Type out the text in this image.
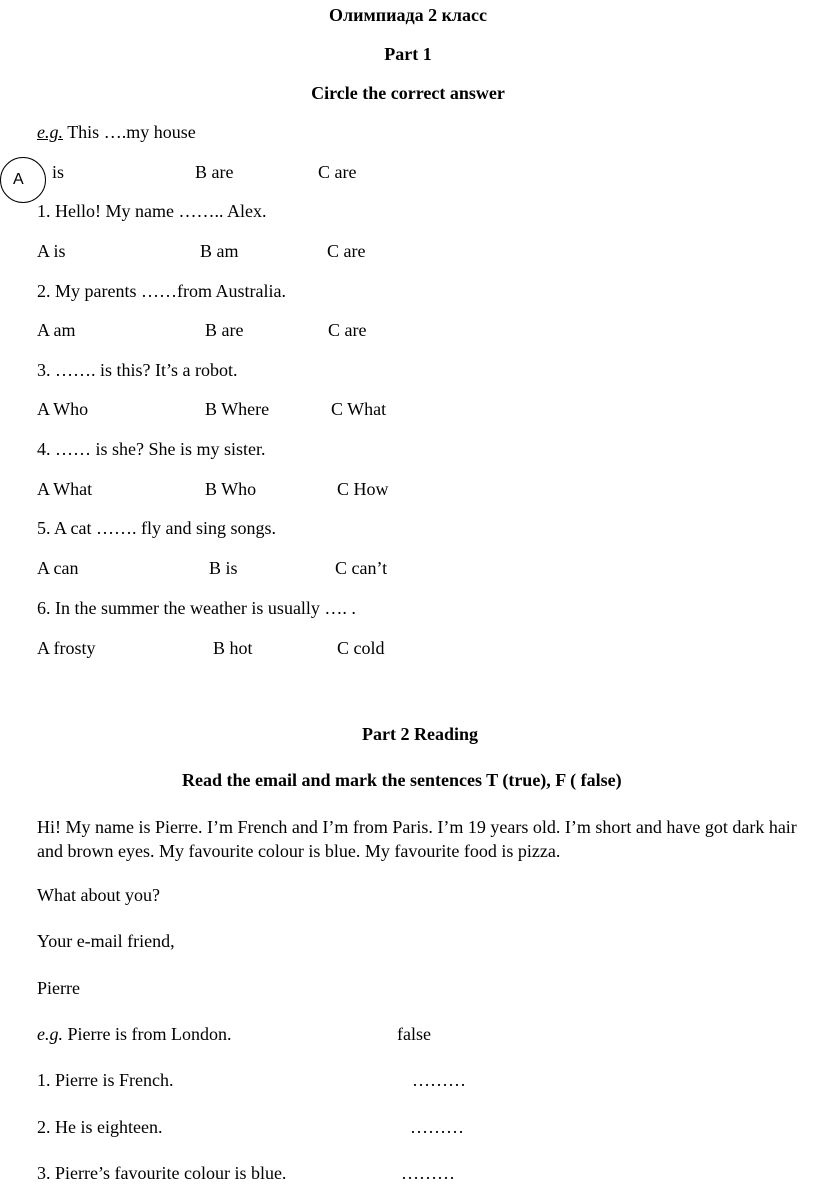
Олимпиада 2 класс
Part 1
Circle the correct answer
e.g. This ….my house
A is	B are	C are
1. Hello! My name …….. Alex.
A is	B am	C are
2. My parents ……from Australia.
A am	B are	C are
3. ……. is this? It’s a robot.
A Who	B Where	C What
4. …… is she? She is my sister.
A What	B Who	C How
5. A cat ……. fly and sing songs.
A can	B is	C can’t
6. In the summer the weather is usually …. .
A frosty	B hot	C cold
Part 2 Reading
Read the email and mark the sentences T (true), F ( false)
Hi! My name is Pierre. I’m French and I’m from Paris. I’m 19 years old. I’m short and have got dark hair and brown eyes. My favourite colour is blue. My favourite food is pizza.
What about you?
Your e-mail friend,
Pierre
e.g. Pierre is from London.	false
1. Pierre is French.	………
2. He is eighteen.	………
3. Pierre’s favourite colour is blue.	………
